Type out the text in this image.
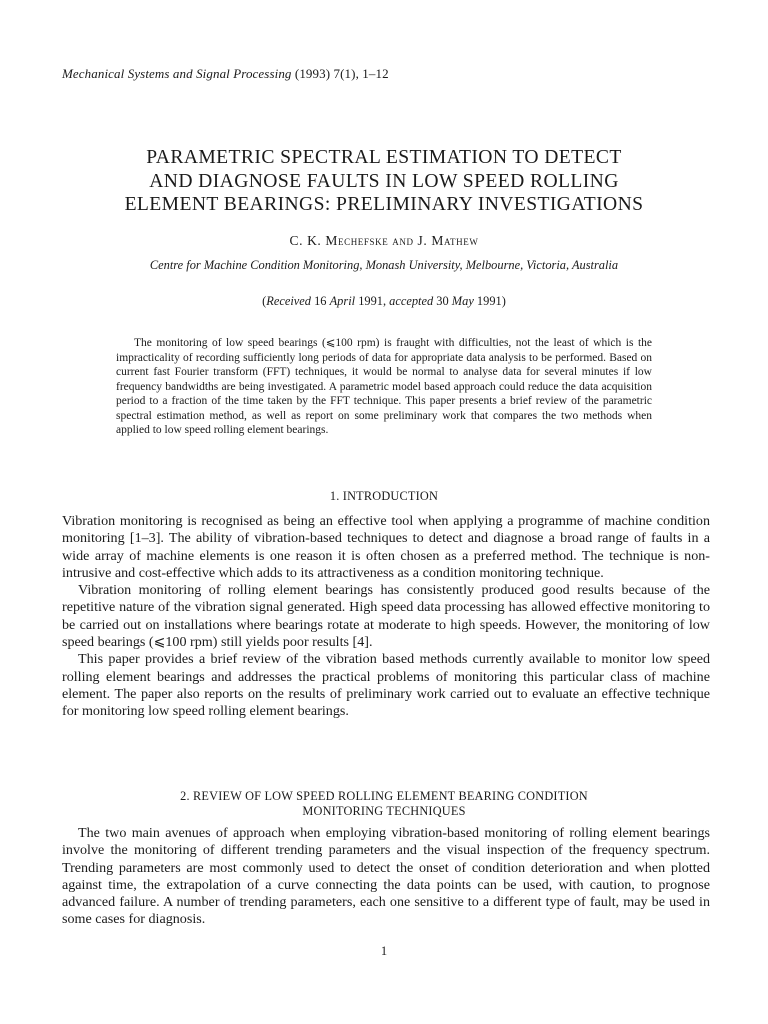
Mechanical Systems and Signal Processing (1993) 7(1), 1–12
PARAMETRIC SPECTRAL ESTIMATION TO DETECT
AND DIAGNOSE FAULTS IN LOW SPEED ROLLING
ELEMENT BEARINGS: PRELIMINARY INVESTIGATIONS
C. K. Mechefske and J. Mathew
Centre for Machine Condition Monitoring, Monash University, Melbourne, Victoria, Australia
(Received 16 April 1991, accepted 30 May 1991)
The monitoring of low speed bearings (⩽100 rpm) is fraught with difficulties, not the least of which is the impracticality of recording sufficiently long periods of data for appropriate data analysis to be performed. Based on current fast Fourier transform (FFT) techniques, it would be normal to analyse data for several minutes if low frequency bandwidths are being investigated. A parametric model based approach could reduce the data acquisition period to a fraction of the time taken by the FFT technique. This paper presents a brief review of the parametric spectral estimation method, as well as report on some preliminary work that compares the two methods when applied to low speed rolling element bearings.
1. INTRODUCTION

Vibration monitoring is recognised as being an effective tool when applying a programme of machine condition monitoring [1–3]. The ability of vibration-based techniques to detect and diagnose a broad range of faults in a wide array of machine elements is one reason it is often chosen as a preferred method. The technique is non-intrusive and cost-effective which adds to its attractiveness as a condition monitoring technique.

Vibration monitoring of rolling element bearings has consistently produced good results because of the repetitive nature of the vibration signal generated. High speed data processing has allowed effective monitoring to be carried out on installations where bearings rotate at moderate to high speeds. However, the monitoring of low speed bearings (⩽100 rpm) still yields poor results [4].

This paper provides a brief review of the vibration based methods currently available to monitor low speed rolling element bearings and addresses the practical problems of monitoring this particular class of machine element. The paper also reports on the results of preliminary work carried out to evaluate an effective technique for monitoring low speed rolling element bearings.

2. REVIEW OF LOW SPEED ROLLING ELEMENT BEARING CONDITION
MONITORING TECHNIQUES

The two main avenues of approach when employing vibration-based monitoring of rolling element bearings involve the monitoring of different trending parameters and the visual inspection of the frequency spectrum. Trending parameters are most commonly used to detect the onset of condition deterioration and when plotted against time, the extrapolation of a curve connecting the data points can be used, with caution, to prognose advanced failure. A number of trending parameters, each one sensitive to a different type of fault, may be used in some cases for diagnosis.

1
